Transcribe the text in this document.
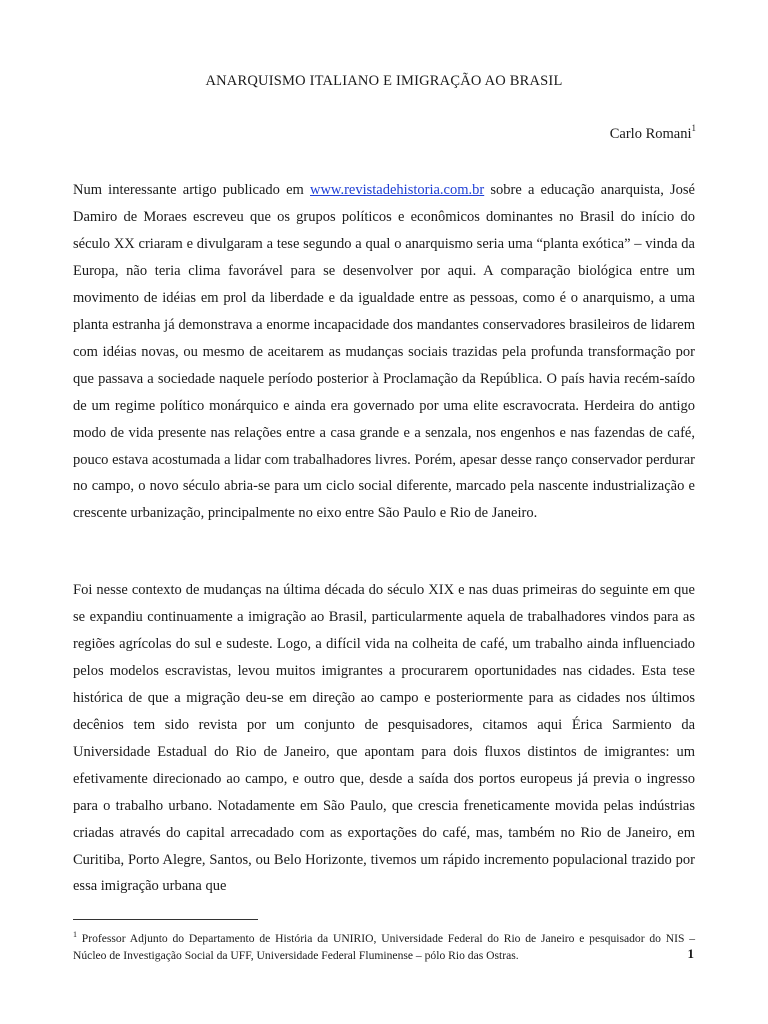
ANARQUISMO ITALIANO E IMIGRAÇÃO AO BRASIL
Carlo Romani$^1$

Num interessante artigo publicado em www.revistadehistoria.com.br sobre a educação anarquista, José Damiro de Moraes escreveu que os grupos políticos e econômicos dominantes no Brasil do início do século XX criaram e divulgaram a tese segundo a qual o anarquismo seria uma “planta exótica” – vinda da Europa, não teria clima favorável para se desenvolver por aqui. A comparação biológica entre um movimento de idéias em prol da liberdade e da igualdade entre as pessoas, como é o anarquismo, a uma planta estranha já demonstrava a enorme incapacidade dos mandantes conservadores brasileiros de lidarem com idéias novas, ou mesmo de aceitarem as mudanças sociais trazidas pela profunda transformação por que passava a sociedade naquele período posterior à Proclamação da República. O país havia recém-saído de um regime político monárquico e ainda era governado por uma elite escravocrata. Herdeira do antigo modo de vida presente nas relações entre a casa grande e a senzala, nos engenhos e nas fazendas de café, pouco estava acostumada a lidar com trabalhadores livres. Porém, apesar desse ranço conservador perdurar no campo, o novo século abria-se para um ciclo social diferente, marcado pela nascente industrialização e crescente urbanização, principalmente no eixo entre São Paulo e Rio de Janeiro.

Foi nesse contexto de mudanças na última década do século XIX e nas duas primeiras do seguinte em que se expandiu continuamente a imigração ao Brasil, particularmente aquela de trabalhadores vindos para as regiões agrícolas do sul e sudeste. Logo, a difícil vida na colheita de café, um trabalho ainda influenciado pelos modelos escravistas, levou muitos imigrantes a procurarem oportunidades nas cidades. Esta tese histórica de que a migração deu-se em direção ao campo e posteriormente para as cidades nos últimos decênios tem sido revista por um conjunto de pesquisadores, citamos aqui Érica Sarmiento da Universidade Estadual do Rio de Janeiro, que apontam para dois fluxos distintos de imigrantes: um efetivamente direcionado ao campo, e outro que, desde a saída dos portos europeus já previa o ingresso para o trabalho urbano. Notadamente em São Paulo, que crescia freneticamente movida pelas indústrias criadas através do capital arrecadado com as exportações do café, mas, também no Rio de Janeiro, em Curitiba, Porto Alegre, Santos, ou Belo Horizonte, tivemos um rápido incremento populacional trazido por essa imigração urbana que

$^1$ Professor Adjunto do Departamento de História da UNIRIO, Universidade Federal do Rio de Janeiro e pesquisador do NIS – Núcleo de Investigação Social da UFF, Universidade Federal Fluminense – pólo Rio das Ostras.	1
